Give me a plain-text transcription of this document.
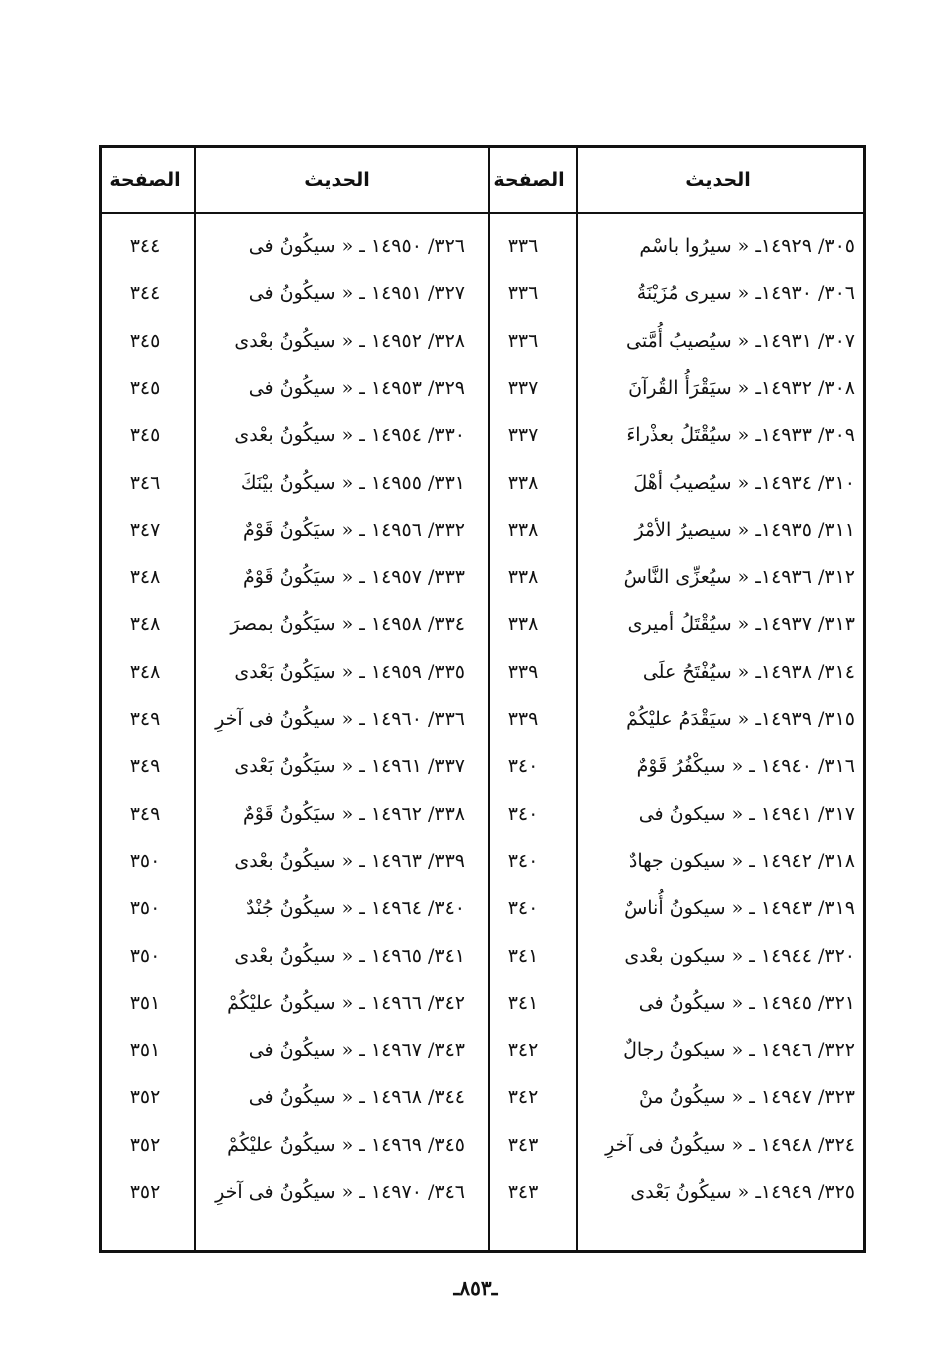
الحديث
الصفحة
الحديث
الصفحة
٣٠٥/ ١٤٩٢٩ـ « سيرُوا باسْم
٣٣٦
٣٢٦/ ١٤٩٥٠ ـ « سيكُونُ فى
٣٤٤
٣٠٦/ ١٤٩٣٠ـ « سيرى مُزَيْنَةُ
٣٣٦
٣٢٧/ ١٤٩٥١ ـ « سيكُونُ فى
٣٤٤
٣٠٧/ ١٤٩٣١ـ « سيُصيبُ أُمَّتى
٣٣٦
٣٢٨/ ١٤٩٥٢ ـ « سيكُونُ بعْدى
٣٤٥
٣٠٨/ ١٤٩٣٢ـ « سيَقْرَأُ القُرآنَ
٣٣٧
٣٢٩/ ١٤٩٥٣ ـ « سيكُونُ فى
٣٤٥
٣٠٩/ ١٤٩٣٣ـ « سيُقْتَلُ بعذْراءَ
٣٣٧
٣٣٠/ ١٤٩٥٤ ـ « سيكُونُ بعْدى
٣٤٥
٣١٠/ ١٤٩٣٤ـ « سيُصيبُ أهْلَ
٣٣٨
٣٣١/ ١٤٩٥٥ ـ « سيكُونُ بيْنَكَ
٣٤٦
٣١١/ ١٤٩٣٥ـ « سيصيرُ الأمْرُ
٣٣٨
٣٣٢/ ١٤٩٥٦ ـ « سيَكُونُ قَوْمٌ
٣٤٧
٣١٢/ ١٤٩٣٦ـ « سيُعزِّى النَّاسُ
٣٣٨
٣٣٣/ ١٤٩٥٧ ـ « سيَكُونُ قَوْمٌ
٣٤٨
٣١٣/ ١٤٩٣٧ـ « سيُقْتَلُ أميرى
٣٣٨
٣٣٤/ ١٤٩٥٨ ـ « سيَكُونُ بمصرَ
٣٤٨
٣١٤/ ١٤٩٣٨ـ « سيُفْتَحُ علَى
٣٣٩
٣٣٥/ ١٤٩٥٩ ـ « سيَكُونُ بَعْدى
٣٤٨
٣١٥/ ١٤٩٣٩ـ « سيَقْدَمُ عليْكُمْ
٣٣٩
٣٣٦/ ١٤٩٦٠ ـ « سيكُونُ فى آخرِ
٣٤٩
٣١٦/ ١٤٩٤٠ ـ « سيكْفُرُ قَوْمٌ
٣٤٠
٣٣٧/ ١٤٩٦١ ـ « سيَكُونُ بَعْدى
٣٤٩
٣١٧/ ١٤٩٤١ ـ « سيكونُ فى
٣٤٠
٣٣٨/ ١٤٩٦٢ ـ « سيَكُونُ قَوْمٌ
٣٤٩
٣١٨/ ١٤٩٤٢ ـ « سيكون جهادٌ
٣٤٠
٣٣٩/ ١٤٩٦٣ ـ « سيكُونُ بعْدى
٣٥٠
٣١٩/ ١٤٩٤٣ ـ « سيكونُ أُناسٌ
٣٤٠
٣٤٠/ ١٤٩٦٤ ـ « سيكُونُ جُنْدٌ
٣٥٠
٣٢٠/ ١٤٩٤٤ ـ « سيكون بعْدى
٣٤١
٣٤١/ ١٤٩٦٥ ـ « سيكُونُ بعْدى
٣٥٠
٣٢١/ ١٤٩٤٥ ـ « سيكُونُ فى
٣٤١
٣٤٢/ ١٤٩٦٦ ـ « سيكُونُ عليْكُمْ
٣٥١
٣٢٢/ ١٤٩٤٦ ـ « سيكونُ رجالٌ
٣٤٢
٣٤٣/ ١٤٩٦٧ ـ « سيكُونُ فى
٣٥١
٣٢٣/ ١٤٩٤٧ ـ « سيكُونُ منْ
٣٤٢
٣٤٤/ ١٤٩٦٨ ـ « سيكُونُ فى
٣٥٢
٣٢٤/ ١٤٩٤٨ ـ « سيكُونُ فى آخرِ
٣٤٣
٣٤٥/ ١٤٩٦٩ ـ « سيكُونُ عليْكُمْ
٣٥٢
٣٢٥/ ١٤٩٤٩ـ « سيكُونُ بَعْدى
٣٤٣
٣٤٦/ ١٤٩٧٠ ـ « سيكُونُ فى آخرِ
٣٥٢
ـ٨٥٣ـ
